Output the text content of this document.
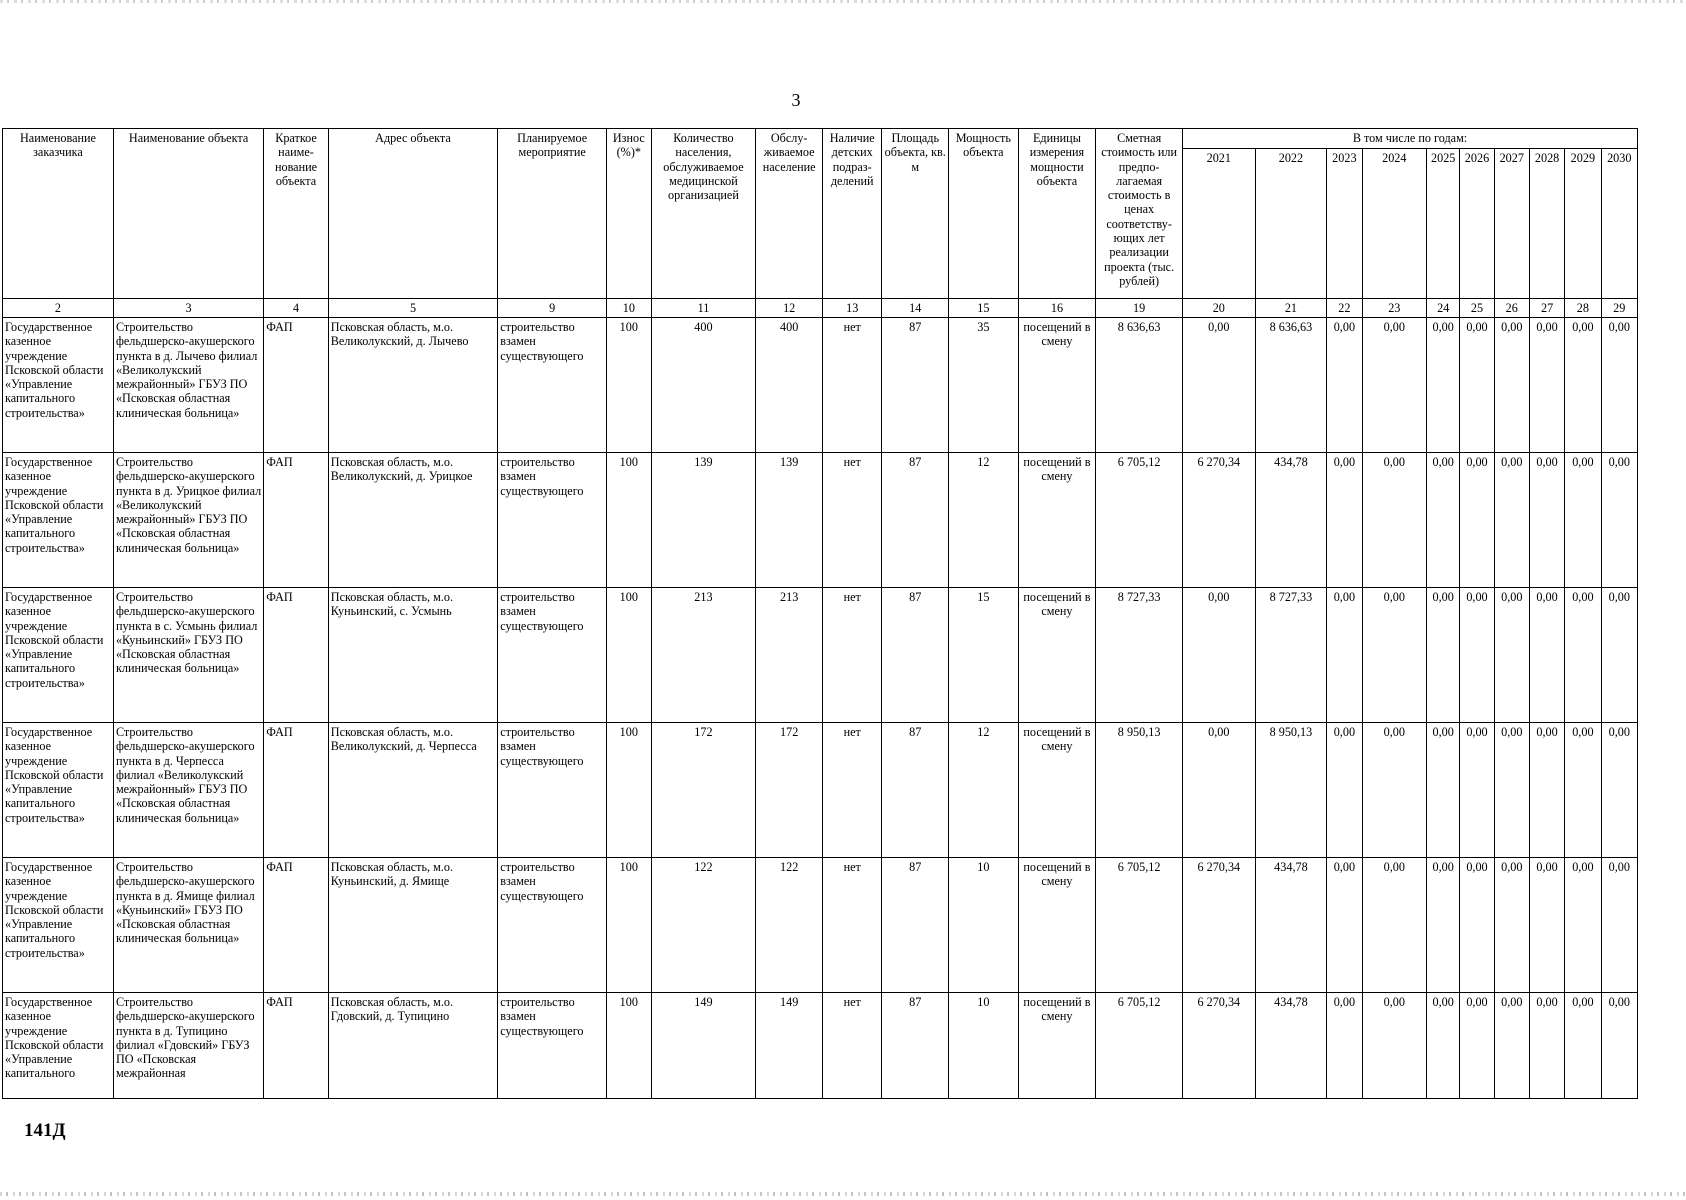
3
Наименование заказчика	Наименование объекта	Краткое наиме-нование объекта	Адрес объекта	Планируемое мероприятие	Износ (%)*	Количество населения, обслуживаемое медицинской организацией	Обслу-живаемое население	Наличие детских подраз-делений	Площадь объекта, кв. м	Мощность объекта	Единицы измерения мощности объекта	Сметная стоимость или предпо-лагаемая стоимость в ценах соответству-ющих лет реализации проекта (тыс. рублей)	В том числе по годам:									
													2021	2022	2023	2024	2025	2026	2027	2028	2029	2030
2	3	4	5	9	10	11	12	13	14	15	16	19	20	21	22	23	24	25	26	27	28	29
Государственное казенное учреждение Псковской области «Управление капитального строительства»	Строительство фельдшерско-акушерского пункта в д. Лычево филиал «Великолукский межрайонный» ГБУЗ ПО «Псковская областная клиническая больница»	ФАП	Псковская область, м.о. Великолукский, д. Лычево	строительство взамен существующего	100	400	400	нет	87	35	посещений в смену	8 636,63	0,00	8 636,63	0,00	0,00	0,00	0,00	0,00	0,00	0,00	0,00
Государственное казенное учреждение Псковской области «Управление капитального строительства»	Строительство фельдшерско-акушерского пункта в д. Урицкое филиал «Великолукский межрайонный» ГБУЗ ПО «Псковская областная клиническая больница»	ФАП	Псковская область, м.о. Великолукский, д. Урицкое	строительство взамен существующего	100	139	139	нет	87	12	посещений в смену	6 705,12	6 270,34	434,78	0,00	0,00	0,00	0,00	0,00	0,00	0,00	0,00
Государственное казенное учреждение Псковской области «Управление капитального строительства»	Строительство фельдшерско-акушерского пункта в с. Усмынь филиал «Куньинский» ГБУЗ ПО «Псковская областная клиническая больница»	ФАП	Псковская область, м.о. Куньинский, с. Усмынь	строительство взамен существующего	100	213	213	нет	87	15	посещений в смену	8 727,33	0,00	8 727,33	0,00	0,00	0,00	0,00	0,00	0,00	0,00	0,00
Государственное казенное учреждение Псковской области «Управление капитального строительства»	Строительство фельдшерско-акушерского пункта в д. Черпесса филиал «Великолукский межрайонный» ГБУЗ ПО «Псковская областная клиническая больница»	ФАП	Псковская область, м.о. Великолукский, д. Черпесса	строительство взамен существующего	100	172	172	нет	87	12	посещений в смену	8 950,13	0,00	8 950,13	0,00	0,00	0,00	0,00	0,00	0,00	0,00	0,00
Государственное казенное учреждение Псковской области «Управление капитального строительства»	Строительство фельдшерско-акушерского пункта в д. Ямище филиал «Куньинский» ГБУЗ ПО «Псковская областная клиническая больница»	ФАП	Псковская область, м.о. Куньинский, д. Ямище	строительство взамен существующего	100	122	122	нет	87	10	посещений в смену	6 705,12	6 270,34	434,78	0,00	0,00	0,00	0,00	0,00	0,00	0,00	0,00
Государственное казенное учреждение Псковской области «Управление капитального	Строительство фельдшерско-акушерского пункта в д. Тупицино филиал «Гдовский» ГБУЗ ПО «Псковская межрайонная	ФАП	Псковская область, м.о. Гдовский, д. Тупицино	строительство взамен существующего	100	149	149	нет	87	10	посещений в смену	6 705,12	6 270,34	434,78	0,00	0,00	0,00	0,00	0,00	0,00	0,00	0,00
141Д
